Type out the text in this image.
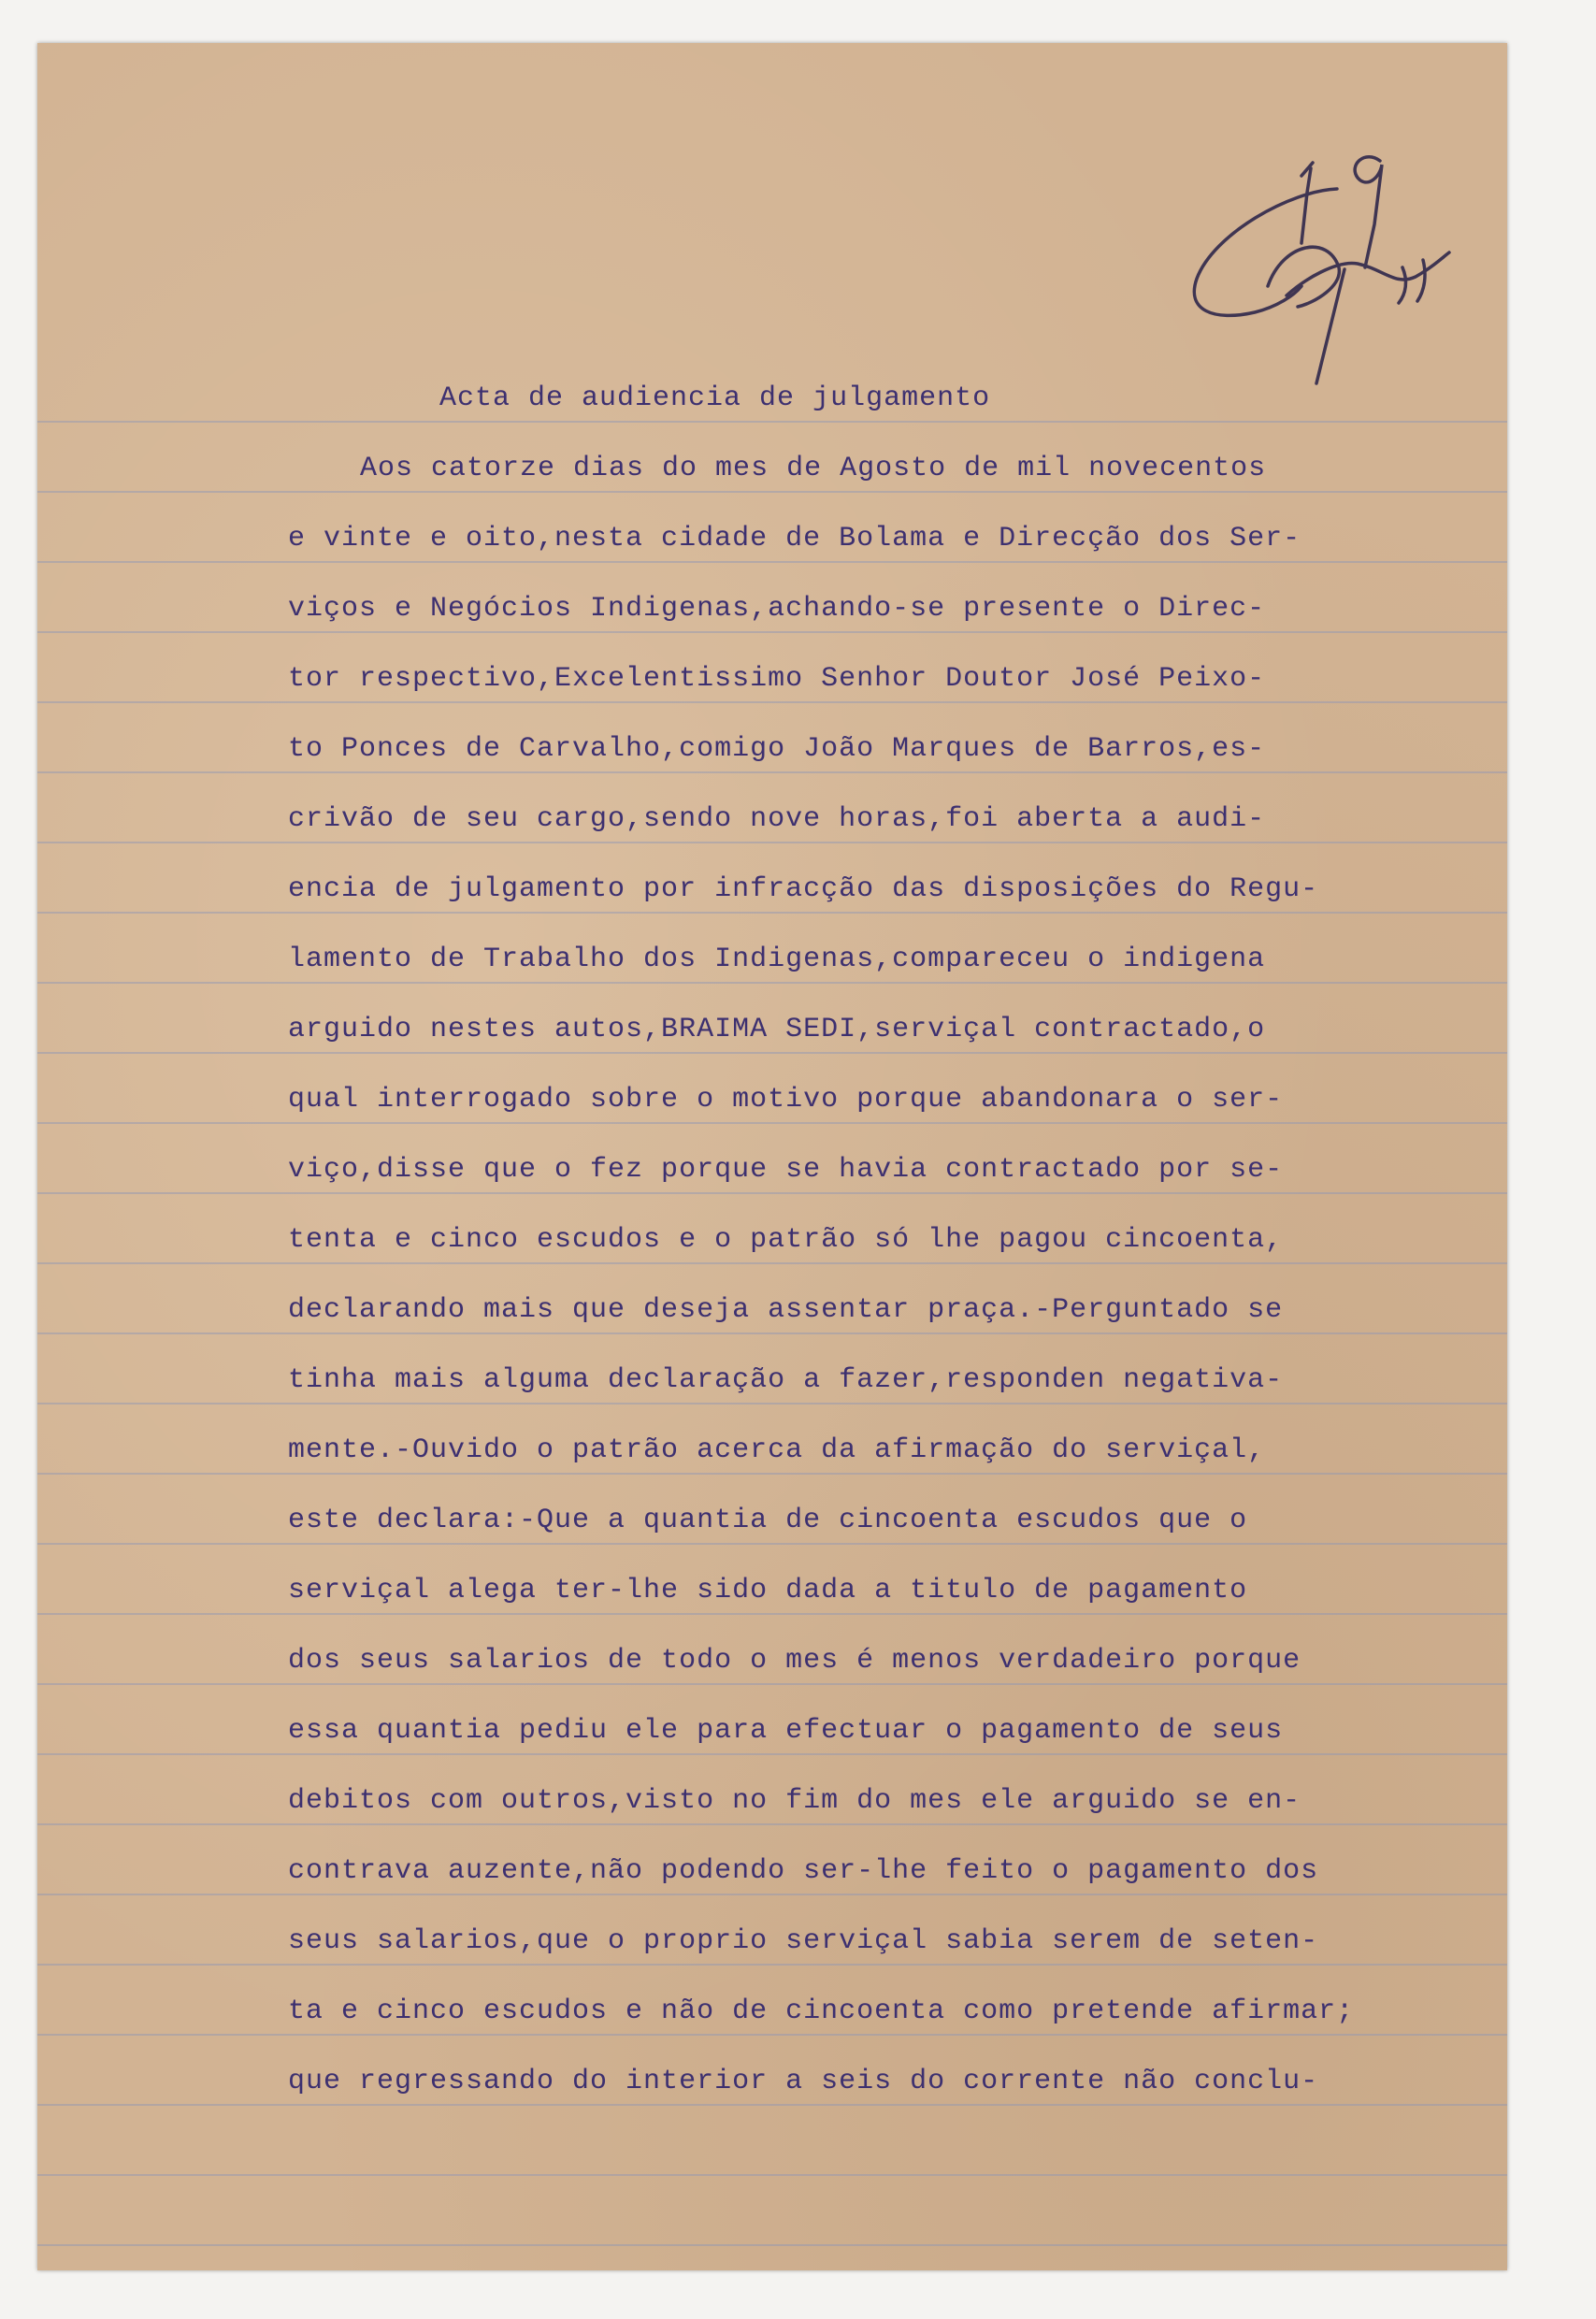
Acta de audiencia de julgamento

Aos catorze dias do mes de Agosto de mil novecentos

e vinte e oito,nesta cidade de Bolama e Direcção dos Ser-

viços e Negócios Indigenas,achando-se presente o Direc-

tor respectivo,Excelentissimo Senhor Doutor José Peixo-

to Ponces de Carvalho,comigo João Marques de Barros,es-

crivão de seu cargo,sendo nove horas,foi aberta a audi-

encia de julgamento por infracção das disposições do Regu-

lamento de Trabalho dos Indigenas,compareceu o indigena

arguido nestes autos,BRAIMA SEDI,serviçal contractado,o

qual interrogado sobre o motivo porque abandonara o ser-

viço,disse que o fez porque se havia contractado por se-

tenta e cinco escudos e o patrão só lhe pagou cincoenta,

declarando mais que deseja assentar praça.-Perguntado se

tinha mais alguma declaração a fazer,responden negativa-

mente.-Ouvido o patrão acerca da afirmação do serviçal,

este declara:-Que a quantia de cincoenta escudos que o

serviçal alega ter-lhe sido dada a titulo de pagamento

dos seus salarios de todo o mes é menos verdadeiro porque

essa quantia pediu ele para efectuar o pagamento de seus

debitos com outros,visto no fim do mes ele arguido se en-

contrava auzente,não podendo ser-lhe feito o pagamento dos

seus salarios,que o proprio serviçal sabia serem de seten-

ta e cinco escudos e não de cincoenta como pretende afirmar;

que regressando do interior a seis do corrente não conclu-
